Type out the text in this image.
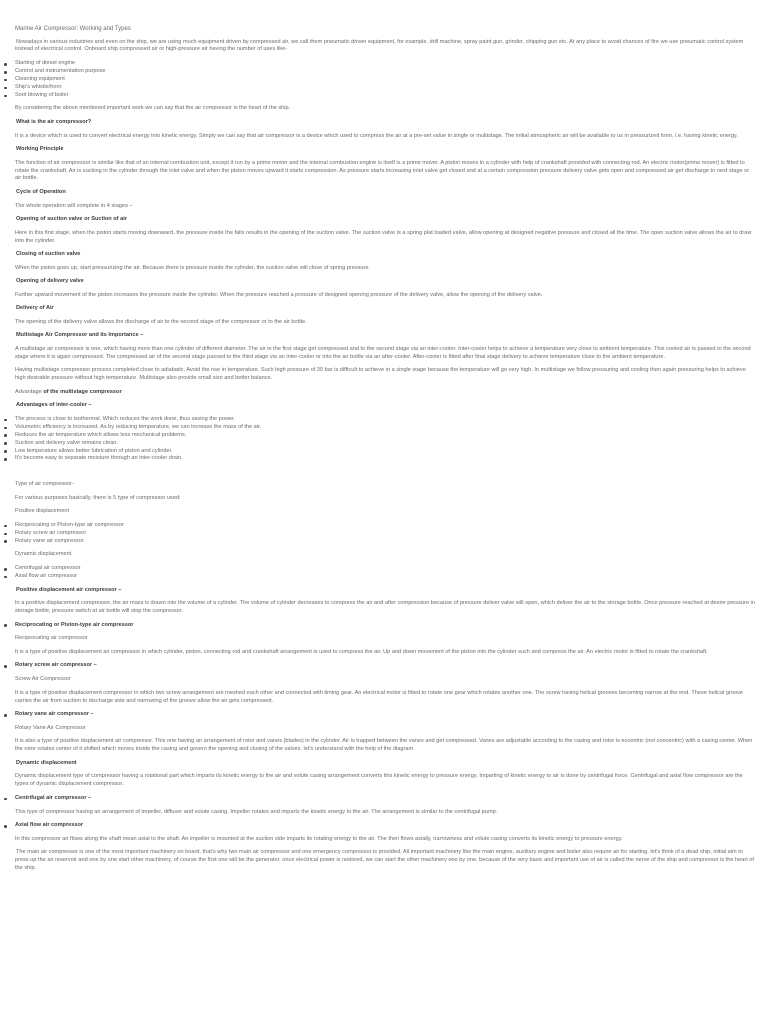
Marine Air Compressor: Working and Types
Nowadays in various industries and even on the ship, we are using much equipment driven by compressed air, we call them pneumatic driven equipment, for example, drill machine, spray paint gun, grinder, chipping gun etc. At any place to avoid chances of fire we use pneumatic control system instead of electrical control. Onboard ship compressed air or high-pressure air having the number of uses like-
Starting of diesel engine
Control and instrumentation purpose
Cleaning equipment
Ship's whistle/horn
Soot blowing of boiler
By considering the above mentioned important work we can say that the air compressor is the heart of the ship.
What is the air compressor?
It is a device which is used to convert electrical energy into kinetic energy. Simply we can say that air compressor is a device which used to compress the air at a pre-set value in single or multistage. The initial atmospheric air will be available to us in pressurized form, i.e. having kinetic energy.
Working Principle
The function of air compressor is similar like that of an internal combustion unit, except it run by a prime mover and the internal combustion engine is itself is a prime mover. A piston moves in a cylinder with help of crankshaft provided with connecting rod. An electric motor(prime mover) is fitted to rotate the crankshaft. Air is sucking in the cylinder through the inlet valve and when the piston moves upward it starts compression. As pressure starts increasing inlet valve get closed and at a certain compression pressure delivery valve gets open and compressed air get discharge to next stage or air bottle.
Cycle of Operation
The whole operation will complete in 4 stages –
Opening of suction valve or Suction of air
Here in this first stage, when the piston starts moving downward, the pressure inside the falls results in the opening of the suction valve. The suction valve is a spring plat loaded valve, allow opening at designed negative pressure and closed all the time. The open suction valve allows the air to draw into the cylinder.
Closing of suction valve
When the piston goes up, start pressurizing the air. Because there is pressure inside the cylinder, the suction valve will close of spring pressure.
Opening of delivery valve
Further upward movement of the piston increases the pressure inside the cylinder. When the pressure reached a pressure of designed opening pressure of the delivery valve, allow the opening of the delivery valve.
Delivery of Air
The opening of the delivery valve allows the discharge of air to the second stage of the compressor or to the air bottle.
Multistage Air Compressor and its Importance –
A multistage air compressor is one, which having more than one cylinder of different diameter. The air in the first stage get compressed and to the second stage via an inter-cooler. Inter-cooler helps to achieve a temperature very close to ambient temperature. This cooled air is passed to the second stage where it is again compressed. The compressed air of the second stage passed to the third stage via an inter-cooler or into the air bottle via an after-cooler. After-cooler is fitted after final stage delivery to achieve temperature close to the ambient temperature.
Having multistage compressor process completed close to adiabatic. Avoid the rise in temperature. Such high pressure of 30 bar is difficult to achieve in a single stage because the temperature will go very high. In multistage we follow pressuring and cooling then again pressuring helps to achieve high desirable pressure without high temperature. Multistage also provide small size and better balance.
Advantage of the multistage compressor
Advantages of inter-cooler –
The process is close to isothermal. Which reduces the work done, thus saving the power.
Volumetric efficiency is increased. As by reducing temperature, we can increase the mass of the air.
Reduces the air temperature which allows less mechanical problems.
Suction and delivery valve remains clean.
Low temperature allows better lubrication of piston and cylinder.
It's become easy to separate moisture through an inter-cooler drain.
Type of air compressor-
For various purposes basically, there is 5 type of compressor used:
Positive displacement
Reciprocating or Piston-type air compressor
Rotary screw air compressor
Rotary vane air compressor
Dynamic displacement
Centrifugal air compressor
Axial flow air compressor
Positive displacement air compressor –
In a positive displacement compressor, the air mass is drawn into the volume of a cylinder. The volume of cylinder decreases to compress the air and after compression because of pressure deliver valve will open, which deliver the air to the storage bottle. Once pressure reached at desire pressure in storage bottle, pressure switch at air bottle will stop the compressor.
Reciprocating or Piston-type air compressor
Reciprocating air compressor
It is a type of positive displacement air compressor in which cylinder, piston, connecting rod and crankshaft arrangement is used to compress the air. Up and down movement of the piston into the cylinder such and compress the air. An electric motor is fitted to rotate the crankshaft.
Rotary screw air compressor –
Screw Air Compressor
It is a type of positive displacement compressor in which two screw arrangement are meshed each other and connected with timing gear. An electrical motor is fitted to rotate one gear which rotates another one. The screw having helical grooves becoming narrow at the end. These helical groove carries the air from suction to discharge side and narrowing of the groove allow the air gets compressed.
Rotary vane air compressor –
Rotary Vane Air Compressor
It is also a type of positive displacement air compressor. This one having an arrangement of rotor and vanes (blades) in the cylinder. Air is trapped between the vanes and get compressed. Vanes are adjustable according to the casing and rotor is eccentric (not concentric) with a casing center. When the rotor rotates center of it shifted which moves inside the casing and govern the opening and closing of the valves. let's understand with the help of the diagram.
Dynamic displacement
Dynamic displacement type of compressor having a rotational part which imparts its kinetic energy to the air and volute casing arrangement converts this kinetic energy to pressure energy. Imparting of kinetic energy to air is done by centrifugal force. Centrifugal and axial flow compressor are the types of dynamic displacement compressor.
Centrifugal air compressor –
This type of compressor having an arrangement of impeller, diffuser and volute casing. Impeller rotates and imparts the kinetic energy to the air. The arrangement is similar to the centrifugal pump.
Axial flow air compressor
In this compressor air flows along the shaft mean axial to the shaft. An impeller is mounted at the suction side imparts its rotating energy to the air. The then flows axially, narrowness and volute casing converts its kinetic energy to pressure energy.
The main air compressor is one of the most important machinery on board, that's why two main air compressor and one emergency compressor is provided. All important machinery like the main engine, auxiliary engine and boiler also require air for starting. let's think of a dead ship, initial aim to press up the air reservoir and one by one start other machinery. of course the first one will be the generator. once electrical power is restored, we can start the other machinery one by one. because of the very basic and important use of air is called the nerve of the ship and compressor is the heart of the ship.
